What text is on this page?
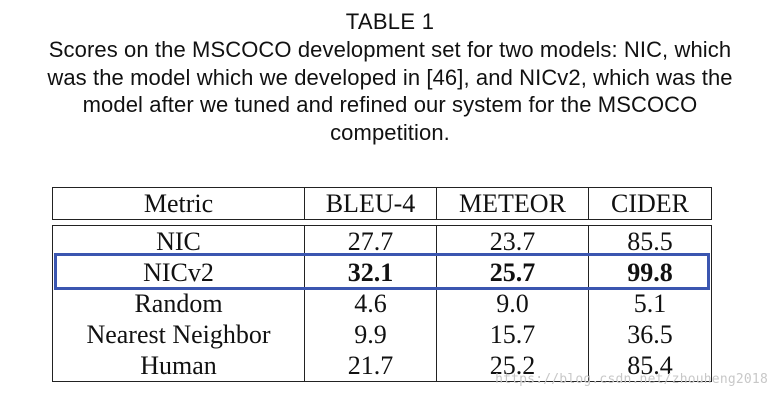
TABLE 1
Scores on the MSCOCO development set for two models: NIC, which
was the model which we developed in [46], and NICv2, which was the
model after we tuned and refined our system for the MSCOCO
competition.
Metric	BLEU-4	METEOR	CIDER

NIC	27.7	23.7	85.5
NICv2	32.1	25.7	99.8
Random	4.6	9.0	5.1
Nearest Neighbor	9.9	15.7	36.5
Human	21.7	25.2	85.4
https://blog.csdn.net/zhouheng2018
